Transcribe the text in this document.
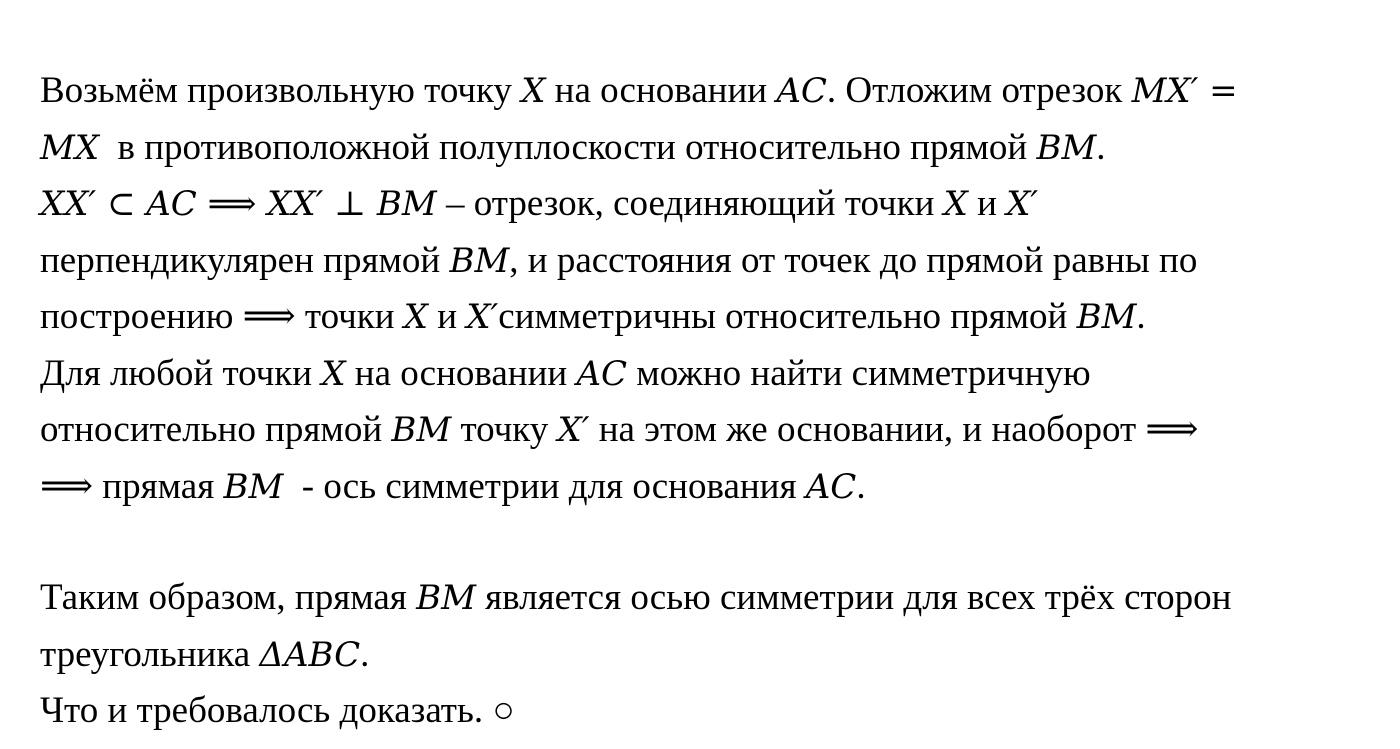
Возьмём произвольную точку X на основании AC. Отложим отрезок MX′ =
MX  в противоположной полуплоскости относительно прямой BM.
XX′ ⊂ AC ⟹ XX′ ⊥ BM – отрезок, соединяющий точки X и X′
перпендикулярен прямой BM, и расстояния от точек до прямой равны по
построению ⟹ точки X и X′симметричны относительно прямой BM.
Для любой точки X на основании AC можно найти симметричную
относительно прямой BM точку X′ на этом же основании, и наоборот ⟹
⟹ прямая BM  - ось симметрии для основания AC.
Таким образом, прямая BM является осью симметрии для всех трёх сторон
треугольника ΔABC.
Что и требовалось доказать. ○
